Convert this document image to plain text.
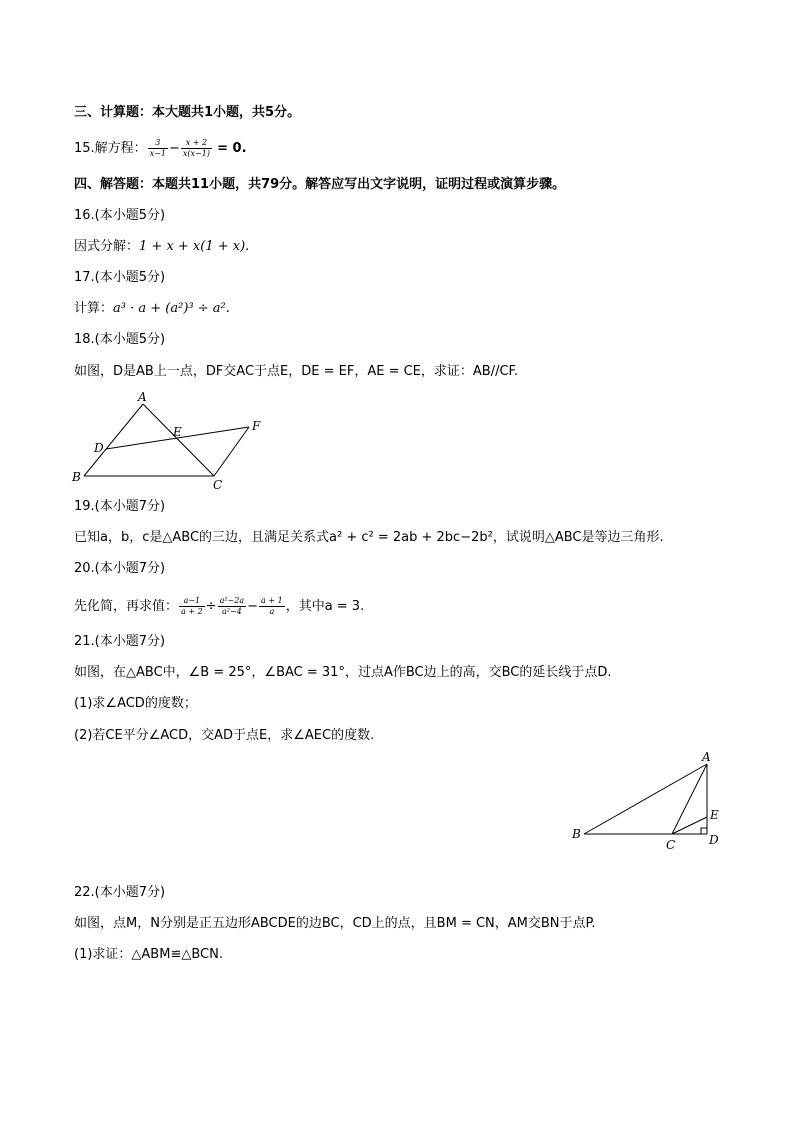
三、计算题：本大题共1小题，共5分。
15.解方程： $\frac{3}{x-1} - \frac{x + 2}{x(x-1)} = 0$.
四、解答题：本题共11小题，共79分。解答应写出文字说明，证明过程或演算步骤。
16.(本小题5分)
因式分解：1 + x + x(1 + x).
17.(本小题5分)
计算：a³ · a + (a²)³ ÷ a².
18.(本小题5分)
如图，D是AB上一点，DF交AC于点E，DE = EF，AE = CE，求证：AB//CF.
A
B
C
D
E	F
19.(本小题7分)
已知a，b，c是△ABC的三边，且满足关系式a² + c² = 2ab + 2bc−2b²，试说明△ABC是等边三角形.
20.(本小题7分)
先化简，再求值： $\frac{a-1}{a + 2} \div \frac{\text{a²−2a}}{\text{a²−4}} - \frac{a + 1}{a}$ ，其中a = 3.
21.(本小题7分)
如图，在△ABC中，∠B = 25°，∠BAC = 31°，过点A作BC边上的高，交BC的延长线于点D.
(1)求∠ACD的度数；
(2)若CE平分∠ACD，交AD于点E，求∠AEC的度数.
A
B
C	D
E
22.(本小题7分)
如图，点M，N分别是正五边形ABCDE的边BC，CD上的点，且BM = CN，AM交BN于点P.
(1)求证：△ABM≌△BCN.
